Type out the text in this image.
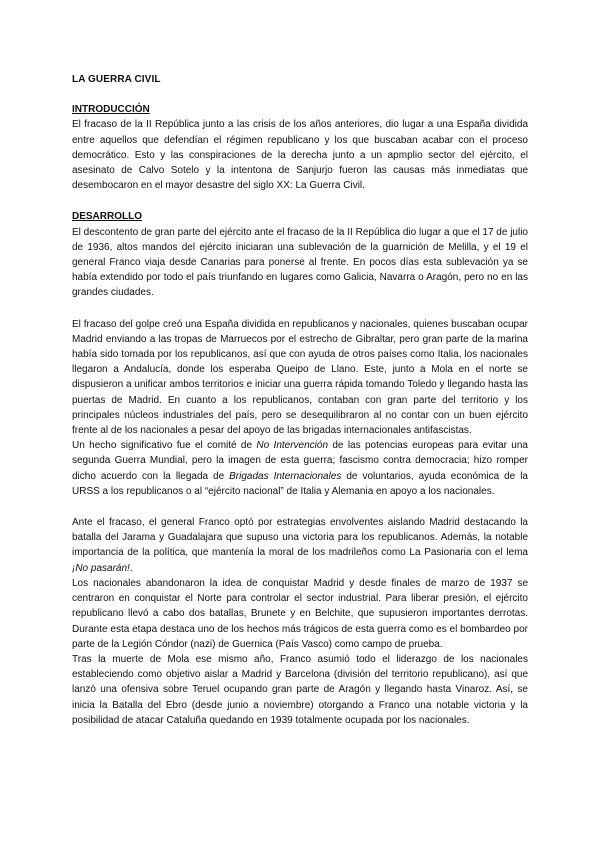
LA GUERRA CIVIL
INTRODUCCIÓN

El fracaso de la II República junto a las crisis de los años anteriores, dio lugar a una España dividida entre aquellos que defendían el régimen republicano y los que buscaban acabar con el proceso democrático. Esto y las conspiraciones de la derecha junto a un apmplio sector del ejército, el asesinato de Calvo Sotelo y la intentona de Sanjurjo fueron las causas más inmediatas que desembocaron en el mayor desastre del siglo XX: La Guerra Civil.

DESARROLLO

El descontento de gran parte del ejército ante el fracaso de la II República dio lugar a que el 17 de julio de 1936, altos mandos del ejército iniciaran una sublevación de la guarnición de Melilla, y el 19 el general Franco viaja desde Canarias para ponerse al frente. En pocos días esta sublevación ya se había extendido por todo el país triunfando en lugares como Galicia, Navarra o Aragón, pero no en las grandes ciudades.

El fracaso del golpe creó una España dividida en republicanos y nacionales, quienes buscaban ocupar Madrid enviando a las tropas de Marruecos por el estrecho de Gibraltar, pero gran parte de la marina había sido tomada por los republicanos, así que con ayuda de otros países como Italia, los nacionales llegaron a Andalucía, donde los esperaba Queipo de Llano. Este, junto a Mola en el norte se dispusieron a unificar ambos territorios e iniciar una guerra rápida tomando Toledo y llegando hasta las puertas de Madrid. En cuanto a los republicanos, contaban con gran parte del territorio y los principales núcleos industriales del país, pero se desequilibraron al no contar con un buen ejército frente al de los nacionales a pesar del apoyo de las brigadas internacionales antifascistas.

Un hecho significativo fue el comité de No Intervención de las potencias europeas para evitar una segunda Guerra Mundial, pero la imagen de esta guerra; fascismo contra democracia; hizo romper dicho acuerdo con la llegada de Brigadas Internacionales de voluntarios, ayuda económica de la URSS a los republicanos o al “ejército nacional” de Italia y Alemania en apoyo a los nacionales.

Ante el fracaso, el general Franco optó por estrategias envolventes aislando Madrid destacando la batalla del Jarama y Guadalajara que supuso una victoria para los republicanos. Además, la notable importancia de la política, que mantenía la moral de los madrileños como La Pasionaria con el lema ¡No pasarán!.

Los nacionales abandonaron la idea de conquistar Madrid y desde finales de marzo de 1937 se centraron en conquistar el Norte para controlar el sector industrial. Para liberar presión, el ejército republicano llevó a cabo dos batallas, Brunete y en Belchite, que supusieron importantes derrotas. Durante esta etapa destaca uno de los hechos más trágicos de esta guerra como es el bombardeo por parte de la Legión Cóndor (nazi) de Guernica (País Vasco) como campo de prueba.

Tras la muerte de Mola ese mismo año, Franco asumió todo el liderazgo de los nacionales estableciendo como objetivo aislar a Madrid y Barcelona (división del territorio republicano), así que lanzó una ofensiva sobre Teruel ocupando gran parte de Aragón y llegando hasta Vinaroz. Así, se inicia la Batalla del Ebro (desde junio a noviembre) otorgando a Franco una notable victoria y la posibilidad de atacar Cataluña quedando en 1939 totalmente ocupada por los nacionales.
